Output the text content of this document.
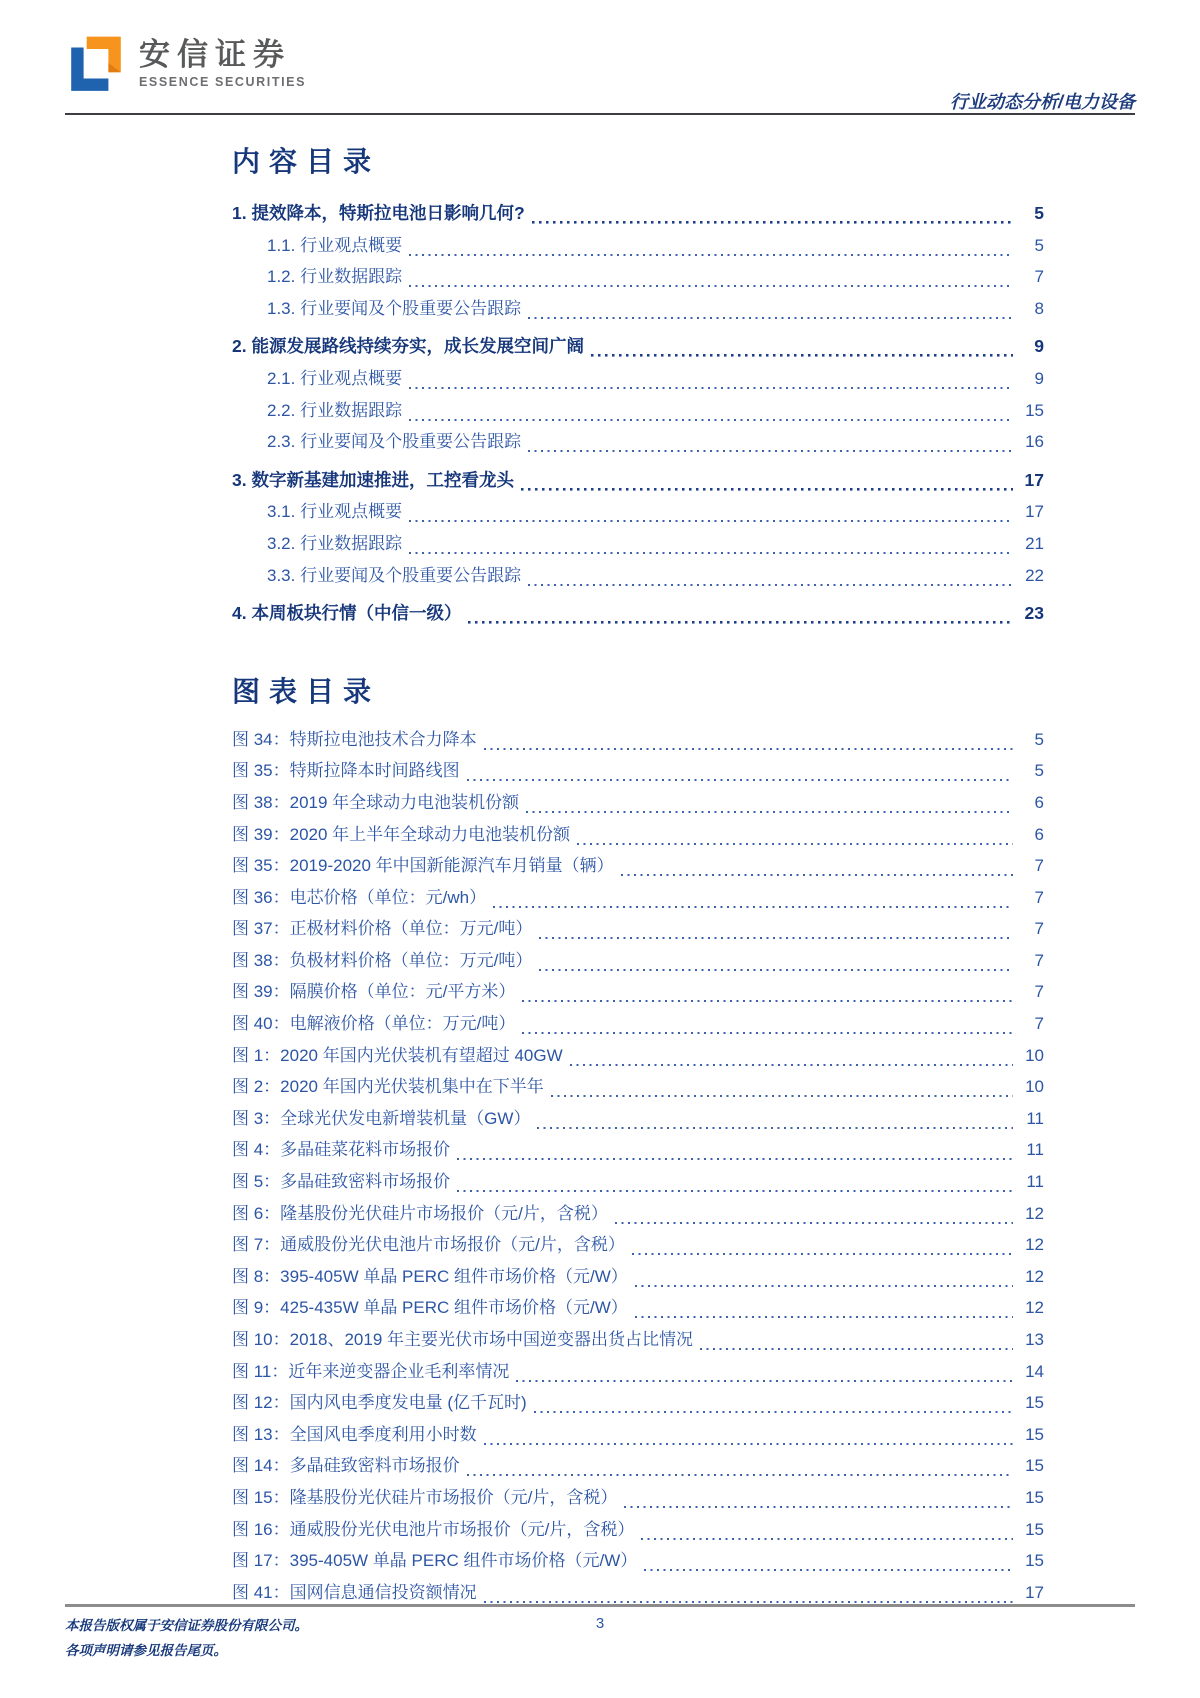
安信证券
ESSENCE SECURITIES
行业动态分析/电力设备
内容目录
1. 提效降本，特斯拉电池日影响几何?	5
1.1. 行业观点概要	5
1.2. 行业数据跟踪	7
1.3. 行业要闻及个股重要公告跟踪	8
2. 能源发展路线持续夯实，成长发展空间广阔	9
2.1. 行业观点概要	9
2.2. 行业数据跟踪	15
2.3. 行业要闻及个股重要公告跟踪	16
3. 数字新基建加速推进，工控看龙头	17
3.1. 行业观点概要	17
3.2. 行业数据跟踪	21
3.3. 行业要闻及个股重要公告跟踪	22
4. 本周板块行情（中信一级）	23
图表目录
图 34：特斯拉电池技术合力降本	5
图 35：特斯拉降本时间路线图	5
图 38：2019 年全球动力电池装机份额	6
图 39：2020 年上半年全球动力电池装机份额	6
图 35：2019-2020 年中国新能源汽车月销量（辆）	7
图 36：电芯价格（单位：元/wh）	7
图 37：正极材料价格（单位：万元/吨）	7
图 38：负极材料价格（单位：万元/吨）	7
图 39：隔膜价格（单位：元/平方米）	7
图 40：电解液价格（单位：万元/吨）	7
图 1：2020 年国内光伏装机有望超过 40GW	10
图 2：2020 年国内光伏装机集中在下半年	10
图 3：全球光伏发电新增装机量（GW）	11
图 4：多晶硅菜花料市场报价	11
图 5：多晶硅致密料市场报价	11
图 6：隆基股份光伏硅片市场报价（元/片，含税）	12
图 7：通威股份光伏电池片市场报价（元/片，含税）	12
图 8：395-405W 单晶 PERC 组件市场价格（元/W）	12
图 9：425-435W 单晶 PERC 组件市场价格（元/W）	12
图 10：2018、2019 年主要光伏市场中国逆变器出货占比情况	13
图 11：近年来逆变器企业毛利率情况	14
图 12：国内风电季度发电量 (亿千瓦时)	15
图 13：全国风电季度利用小时数	15
图 14：多晶硅致密料市场报价	15
图 15：隆基股份光伏硅片市场报价（元/片，含税）	15
图 16：通威股份光伏电池片市场报价（元/片，含税）	15
图 17：395-405W 单晶 PERC 组件市场价格（元/W）	15
图 41：国网信息通信投资额情况	17
本报告版权属于安信证券股份有限公司。
各项声明请参见报告尾页。
3
